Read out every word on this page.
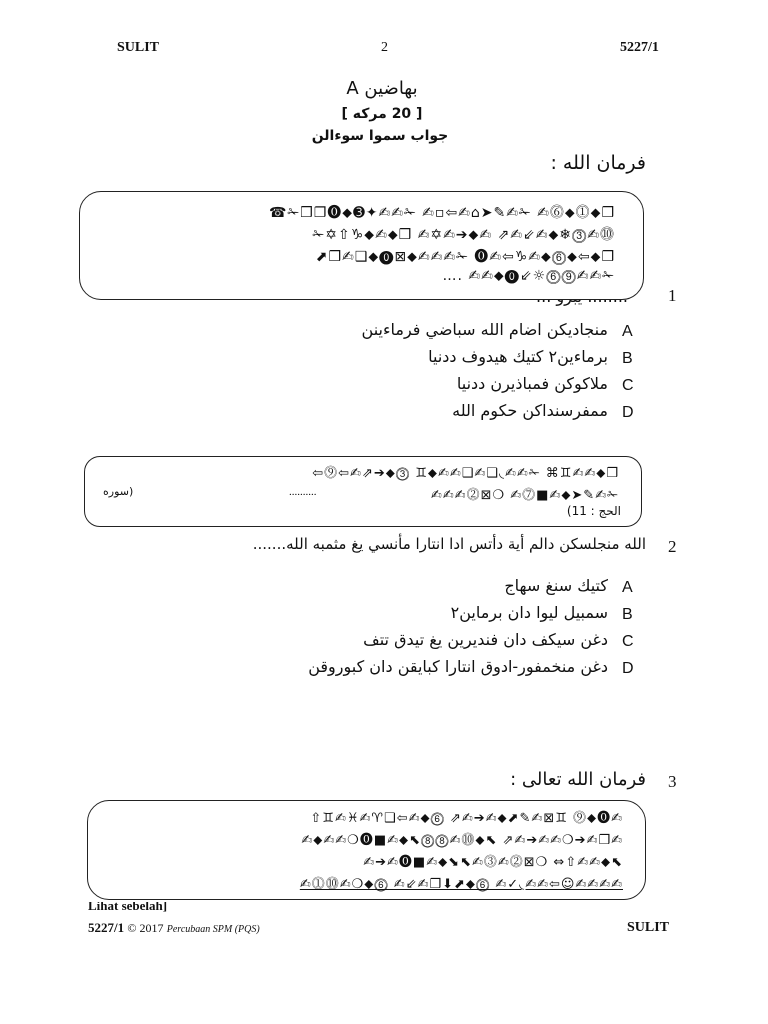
SULIT	2	5227/1
بهاضين A
[ 20 مركه ]
جواب سموا سوءالن
فرمان الله :
1
☎✁❒❐⓿⬥➌✦✍✍✁ ✍▫⇦✍⌂➤✎✍✁ ✍⓺⬥⓵⬥❒
✁✡⇧♑⬥✍⬥❒ ✍✡✍➔⬥✍ ⇗✍⇙✍⬥❄⓷✍⓾
⬈❒✍❑⬥⓿⊠⬥✍✍✍✁ ⓿✍⇦♑✍⬥⓺⬥⇦⬥❒
…. ✍✍⬥⓿⇙☼⓺⓽✍✍✁
A
منجاديكن اضام الله سباضي فرماءينن
B
برماءين٢ كتيك هيدوف ددنيا
C
ملاكوكن فمباذيرن ددنيا
D
ممفرسنداكن حكوم الله
⇦⓽⇦✍⇗➔⬥⓷ ♊⬥✍✍❑✍❑◟✍✍✁ ⌘♊✍✍⬥❒
✍✍✍⓶⊠❍ ✍⓻■✍⬥➤✎✍✁
(سوره	..........
الحج : 11)
2
الله منجلسكن دالم أية دأتس ادا انتارا مأنسي يغ مثمبه الله.......
A
كتيك سنغ سهاج
B
سمبيل ليوا دان برماين٢
C
دغن سيكف دان فنديرين يغ تيدق تتف
D
دغن منخمفور-ادوق انتارا كبايقن دان كبوروقن
3
فرمان الله تعالى :
⇧♊✍♓✍♈❑⇦✍⬥⓺ ⇗✍➔✍⬥⬈✎✍⊠♊ ⓽⬥⓿✍
✍⬥✍✍❍⓿■✍⬥⬉⓼⓼✍⓾⬥⬉ ⇗✍➔✍✍❍➔✍❒✍
✍➔✍⓿■✍⬥⬊⬉✍⓷✍⓶⊠❍ ⇔⇧✍✍⬥⬉
✍⓵⓾✍❍⬥⓺ ✍⇙✍❒⬇⬈⬥⓺ ✍✓◟✍✍⇦☺✍✍✍✍
Lihat sebelah]
5227/1 © 2017 Percubaan SPM (PQS)	SULIT
